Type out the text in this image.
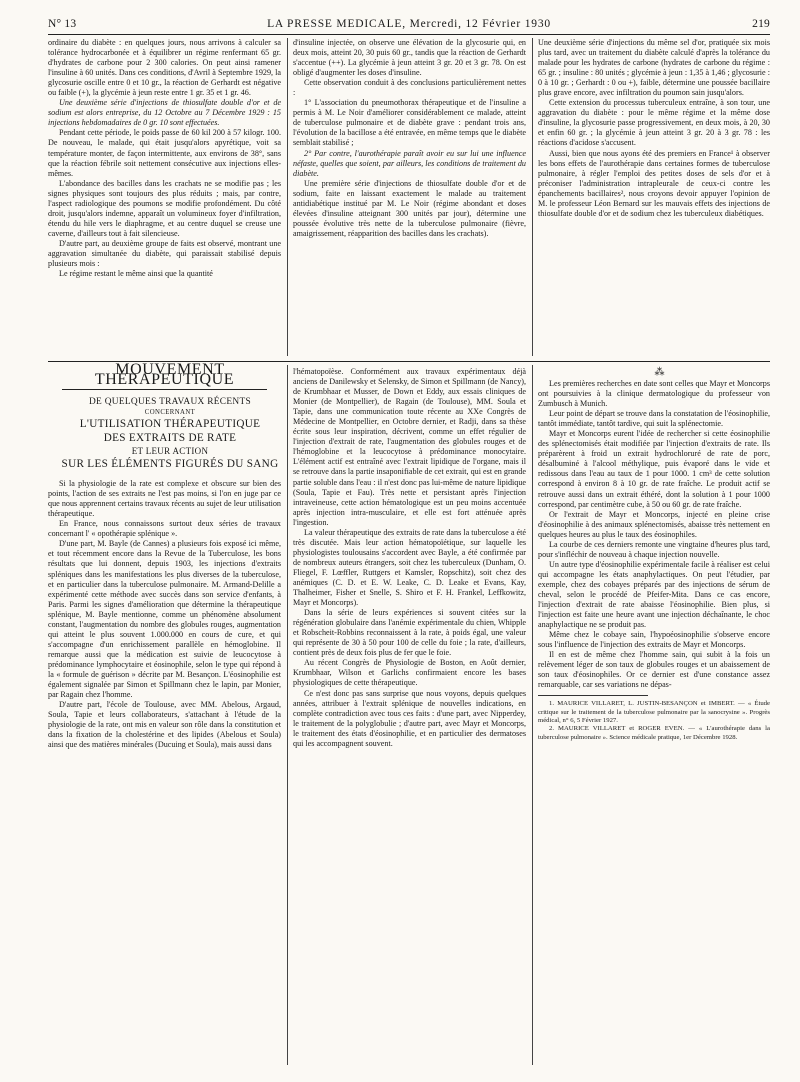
N° 13	LA PRESSE MEDICALE, Mercredi, 12 Février 1930	219

ordinaire du diabète : en quelques jours, nous arrivons à calculer sa tolérance hydrocarbonée et à équilibrer un régime renfermant 65 gr. d'hydrates de carbone pour 2 300 calories. On peut ainsi ramener l'insuline à 60 unités. Dans ces conditions, d'Avril à Septembre 1929, la glycosurie oscille entre 0 et 10 gr., la réaction de Gerhardt est négative ou faible (+), la glycémie à jeun reste entre 1 gr. 35 et 1 gr. 46.

Une deuxième série d'injections de thiosulfate double d'or et de sodium est alors entreprise, du 12 Octobre au 7 Décembre 1929 : 15 injections hebdomadaires de 0 gr. 10 sont effectuées.

Pendant cette période, le poids passe de 60 kil 200 à 57 kilogr. 100. De nouveau, le malade, qui était jusqu'alors apyrétique, voit sa température monter, de façon intermittente, aux environs de 38°, sans que la réaction fébrile soit nettement consécutive aux injections elles-mêmes.

L'abondance des bacilles dans les crachats ne se modifie pas ; les signes physiques sont toujours des plus réduits ; mais, par contre, l'aspect radiologique des poumons se modifie profondément. Du côté droit, jusqu'alors indemne, apparaît un volumineux foyer d'infiltration, étendu du hile vers le diaphragme, et au centre duquel se creuse une caverne, d'ailleurs tout à fait silencieuse.

D'autre part, au deuxième groupe de faits est observé, montrant une aggravation simultanée du diabète, qui paraissait stabilisé depuis plusieurs mois :

Le régime restant le même ainsi que la quantité

d'insuline injectée, on observe une élévation de la glycosurie qui, en deux mois, atteint 20, 30 puis 60 gr., tandis que la réaction de Gerhardt s'accentue (++). La glycémie à jeun atteint 3 gr. 20 et 3 gr. 78. On est obligé d'augmenter les doses d'insuline.

Cette observation conduit à des conclusions particulièrement nettes :

1° L'association du pneumothorax thérapeutique et de l'insuline a permis à M. Le Noir d'améliorer considérablement ce malade, atteint de tuberculose pulmonaire et de diabète grave : pendant trois ans, l'évolution de la bacillose a été entravée, en même temps que le diabète semblait stabilisé ;

2° Par contre, l'aurothérapie paraît avoir eu sur lui une influence néfaste, quelles que soient, par ailleurs, les conditions de traitement du diabète.

Une première série d'injections de thiosulfate double d'or et de sodium, faite en laissant exactement le malade au traitement antidiabétique institué par M. Le Noir (régime abondant et doses élevées d'insuline atteignant 300 unités par jour), détermine une poussée évolutive très nette de la tuberculose pulmonaire (fièvre, amaigrissement, réapparition des bacilles dans les crachats).

Une deuxième série d'injections du même sel d'or, pratiquée six mois plus tard, avec un traitement du diabète calculé d'après la tolérance du malade pour les hydrates de carbone (hydrates de carbone du régime : 65 gr. ; insuline : 80 unités ; glycémie à jeun : 1,35 à 1,46 ; glycosurie : 0 à 10 gr. ; Gerhardt : 0 ou +), faible, détermine une poussée bacillaire plus grave encore, avec infiltration du poumon sain jusqu'alors.

Cette extension du processus tuberculeux entraîne, à son tour, une aggravation du diabète : pour le même régime et la même dose d'insuline, la glycosurie passe progressivement, en deux mois, à 20, 30 et enfin 60 gr. ; la glycémie à jeun atteint 3 gr. 20 à 3 gr. 78 : les réactions d'acidose s'accusent.

Aussi, bien que nous ayons été des premiers en France¹ à observer les bons effets de l'aurothérapie dans certaines formes de tuberculose pulmonaire, à régler l'emploi des petites doses de sels d'or et à préconiser l'administration intrapleurale de ceux-ci contre les épanchements bacillaires², nous croyons devoir appuyer l'opinion de M. le professeur Léon Bernard sur les mauvais effets des injections de thiosulfate double d'or et de sodium chez les tuberculeux diabétiques.

MOUVEMENT THÉRAPEUTIQUE

DE QUELQUES TRAVAUX RÉCENTS

CONCERNANT

L'UTILISATION THÉRAPEUTIQUE

DES EXTRAITS DE RATE

ET LEUR ACTION

SUR LES ÉLÉMENTS FIGURÉS DU SANG

Si la physiologie de la rate est complexe et obscure sur bien des points, l'action de ses extraits ne l'est pas moins, si l'on en juge par ce que nous apprennent certains travaux récents au sujet de leur utilisation thérapeutique.

En France, nous connaissons surtout deux séries de travaux concernant l' « opothérapie splénique ».

D'une part, M. Bayle (de Cannes) a plusieurs fois exposé ici même, et tout récemment encore dans la Revue de la Tuberculose, les bons résultats que lui donnent, depuis 1903, les injections d'extraits spléniques dans les manifestations les plus diverses de la tuberculose, et en particulier dans la tuberculose pulmonaire. M. Armand-Delille a expérimenté cette méthode avec succès dans son service d'enfants, à Paris. Parmi les signes d'amélioration que détermine la thérapeutique splénique, M. Bayle mentionne, comme un phénomène absolument constant, l'augmentation du nombre des globules rouges, augmentation qui atteint le plus souvent 1.000.000 en cours de cure, et qui s'accompagne d'un enrichissement parallèle en hémoglobine. Il remarque aussi que la médication est suivie de leucocytose à prédominance lymphocytaire et éosinophile, selon le type qui répond à la « formule de guérison » décrite par M. Besançon. L'éosinophilie est également signalée par Simon et Spillmann chez le lapin, par Monier, par Ragain chez l'homme.

D'autre part, l'école de Toulouse, avec MM. Abelous, Argaud, Soula, Tapie et leurs collaborateurs, s'attachant à l'étude de la physiologie de la rate, ont mis en valeur son rôle dans la constitution et dans la fixation de la cholestérine et des lipides (Abelous et Soula) ainsi que des matières minérales (Ducuing et Soula), mais aussi dans

l'hématopoïèse. Conformément aux travaux expérimentaux déjà anciens de Danilewsky et Selensky, de Simon et Spillmann (de Nancy), de Krumbhaar et Musser, de Down et Eddy, aux essais cliniques de Monier (de Montpellier), de Ragain (de Toulouse), MM. Soula et Tapie, dans une communication toute récente au XXe Congrès de Médecine de Montpellier, en Octobre dernier, et Radji, dans sa thèse écrite sous leur inspiration, décrivent, comme un effet régulier de l'injection d'extrait de rate, l'augmentation des globules rouges et de l'hémoglobine et la leucocytose à prédominance monocytaire. L'élément actif est entraîné avec l'extrait lipidique de l'organe, mais il se retrouve dans la partie insaponifiable de cet extrait, qui est en grande partie soluble dans l'eau : il n'est donc pas lui-même de nature lipidique (Soula, Tapie et Fau). Très nette et persistant après l'injection intraveineuse, cette action hématologique est un peu moins accentuée après injection intra-musculaire, et elle est fort atténuée après l'ingestion.

La valeur thérapeutique des extraits de rate dans la tuberculose a été très discutée. Mais leur action hématopoïétique, sur laquelle les physiologistes toulousains s'accordent avec Bayle, a été confirmée par de nombreux auteurs étrangers, soit chez les tuberculeux (Dunham, O. Fliegel, F. Lœffler, Ruttgers et Kamsler, Ropschitz), soit chez des anémiques (C. D. et E. W. Leake, C. D. Leake et Evans, Kay, Thalheimer, Fisher et Snelle, S. Shiro et F. H. Frankel, Leffkowitz, Mayr et Moncorps).

Dans la série de leurs expériences si souvent citées sur la régénération globulaire dans l'anémie expérimentale du chien, Whipple et Robscheit-Robbins reconnaissent à la rate, à poids égal, une valeur qui représente de 30 à 50 pour 100 de celle du foie ; la rate, d'ailleurs, contient près de deux fois plus de fer que le foie.

Au récent Congrès de Physiologie de Boston, en Août dernier, Krumbhaar, Wilson et Garlichs confirmaient encore les bases physiologiques de cette thérapeutique.

Ce n'est donc pas sans surprise que nous voyons, depuis quelques années, attribuer à l'extrait splénique de nouvelles indications, en complète contradiction avec tous ces faits : d'une part, avec Nipperdey, le traitement de la polyglobulie ; d'autre part, avec Mayr et Moncorps, le traitement des états d'éosinophilie, et en particulier des dermatoses qui les accompagnent souvent.

⁂

Les premières recherches en date sont celles que Mayr et Moncorps ont poursuivies à la clinique dermatologique du professeur von Zumbusch à Munich.

Leur point de départ se trouve dans la constatation de l'éosinophilie, tantôt immédiate, tantôt tardive, qui suit la splénectomie.

Mayr et Moncorps eurent l'idée de rechercher si cette éosinophilie des splénectomisés était modifiée par l'injection d'extraits de rate. Ils préparèrent à froid un extrait hydrochloruré de rate de porc, désalbuminé à l'alcool méthylique, puis évaporé dans le vide et redissous dans l'eau au taux de 1 pour 1000. 1 cm³ de cette solution correspond à environ 8 à 10 gr. de rate fraîche. Le produit actif se retrouve aussi dans un extrait éthéré, dont la solution à 1 pour 1000 correspond, par centimètre cube, à 50 ou 60 gr. de rate fraîche.

Or l'extrait de Mayr et Moncorps, injecté en pleine crise d'éosinophilie à des animaux splénectomisés, abaisse très nettement en quelques heures au plus le taux des éosinophiles.

La courbe de ces derniers remonte une vingtaine d'heures plus tard, pour s'infléchir de nouveau à chaque injection nouvelle.

Un autre type d'éosinophilie expérimentale facile à réaliser est celui qui accompagne les états anaphylactiques. On peut l'étudier, par exemple, chez des cobayes préparés par des injections de sérum de cheval, selon le procédé de Pfeifer-Mita. Dans ce cas encore, l'injection d'extrait de rate abaisse l'éosinophilie. Bien plus, si l'injection est faite une heure avant une injection déchaînante, le choc anaphylactique ne se produit pas.

Même chez le cobaye sain, l'hypoéosinophilie s'observe encore sous l'influence de l'injection des extraits de Mayr et Moncorps.

Il en est de même chez l'homme sain, qui subit à la fois un relèvement léger de son taux de globules rouges et un abaissement de son taux d'éosinophiles. Or ce dernier est d'une constance assez remarquable, car ses variations ne dépas-

1. MAURICE VILLARET, L. JUSTIN-BESANÇON et IMBERT. — « Étude critique sur le traitement de la tuberculose pulmonaire par la sanocrysine ». Progrès médical, n° 6, 5 Février 1927.

2. MAURICE VILLARET et ROGER EVEN. — « L'aurothérapie dans la tuberculose pulmonaire ». Science médicale pratique, 1er Décembre 1928.
